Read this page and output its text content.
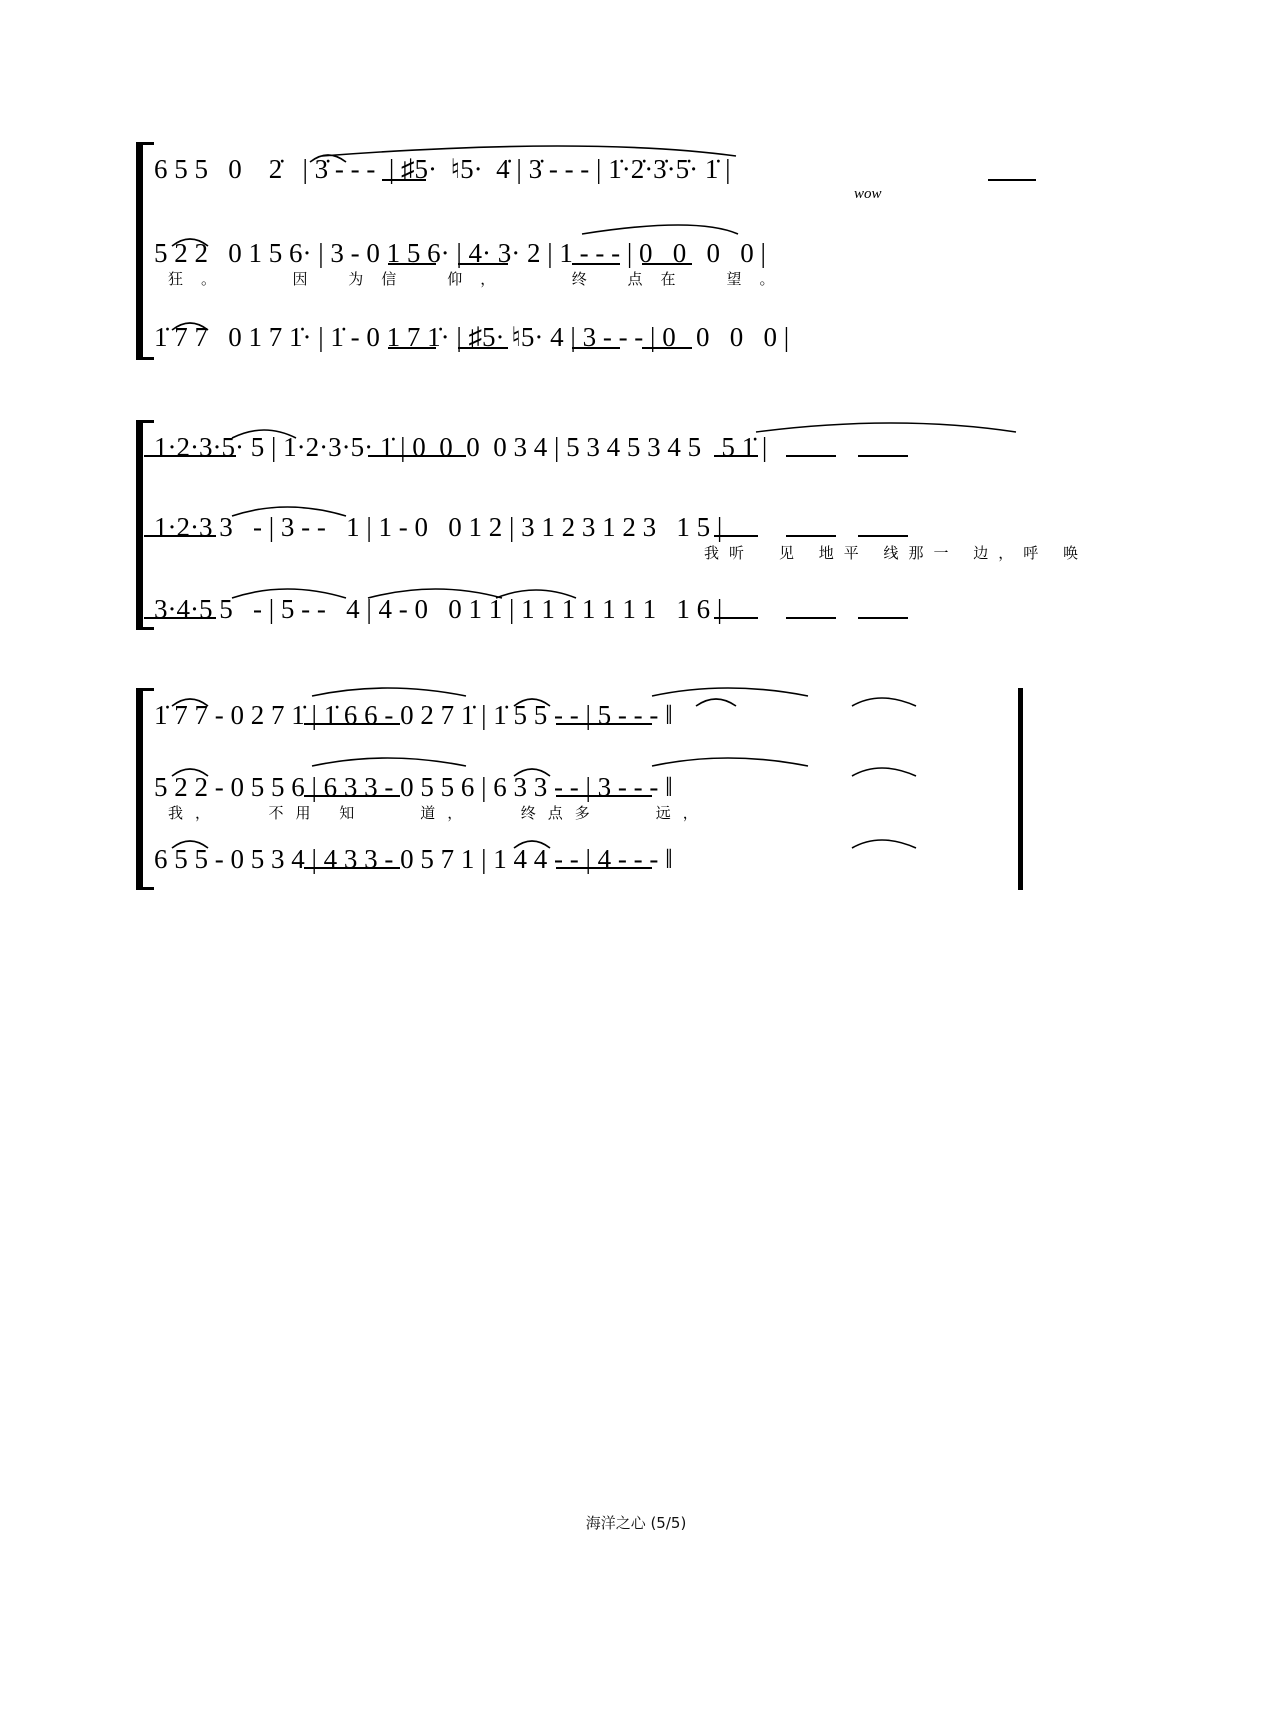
6 5 5   0    2̇   | 3̇ - - -  | ♯5·  ♮5·  4̇ | 3̇ - - - | 1̇·2̇·3̇·5̇· 1̇ |
wow
5 2 2   0 1 5 6· | 3 - 0 1 5 6· | 4· 3· 2 | 1 - - - | 0   0   0   0 |
狂。　　因 为信　仰，　　终 点在　望。
1̇ 7 7   0 1 7 1̇· | 1̇ - 0 1 7 1̇· | ♯5· ♮5· 4 | 3 - - - | 0   0   0   0 |
1·2·3·5· 5 | 1·2·3·5· 1̇ | 0  0  0  0 3 4 | 5 3 4 5 3 4 5   5 1̇ |
1·2·3 3   - | 3 - -   1 | 1 - 0   0 1 2 | 3 1 2 3 1 2 3   1 5 |
我听　见 地平 线那一 边，呼 唤
3·4·5 5   - | 5 - -   4 | 4 - 0   0 1 1 | 1 1 1 1 1 1 1   1 6 |
1̇ 7 7 - 0 2 7 1̇ | 1̇ 6 6 - 0 2 7 1̇ | 1̇ 5 5 - - | 5 - - - ‖
5 2 2 - 0 5 5 6 | 6 3 3 - 0 5 5 6 | 6 3 3 - - | 3 - - - ‖
我，　　不用 知　　道，　　终点多　　远，
6 5 5 - 0 5 3 4 | 4 3 3 - 0 5 7 1 | 1 4 4 - - | 4 - - - ‖
海洋之心 (5/5)
